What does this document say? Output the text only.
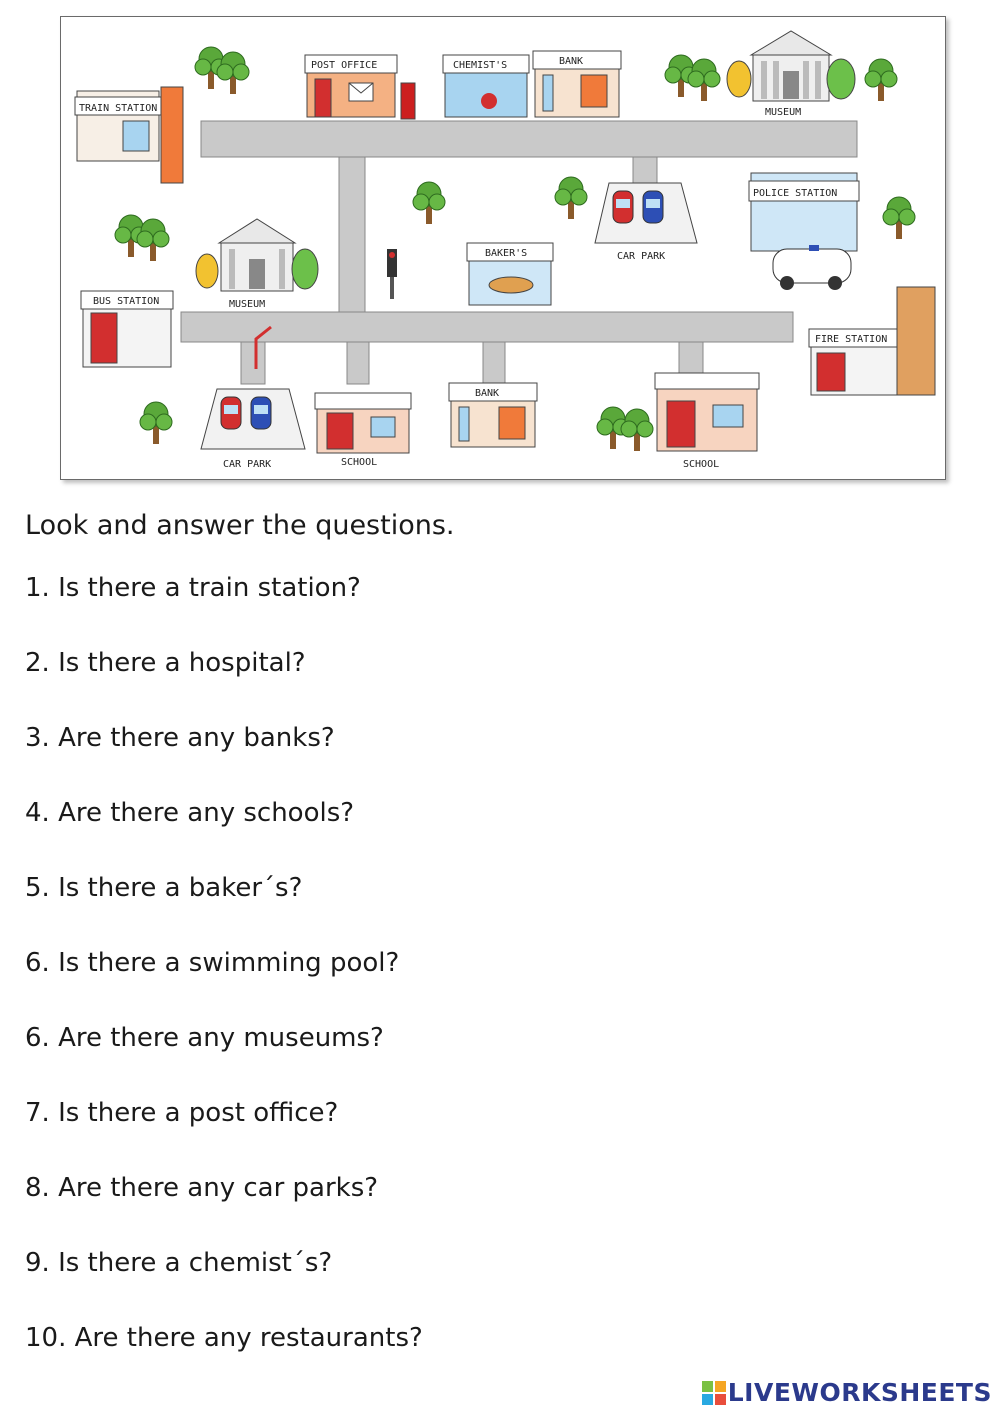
TRAIN STATION
POST OFFICE	CHEMIST'S	BANK
MUSEUM
CAR PARK
POLICE STATION
BAKER'S
MUSEUM
BUS STATION
FIRE STATION
CAR PARK	SCHOOL
BANK
SCHOOL
Look and answer the questions.
1. Is there a train station?
2. Is there a hospital?
3. Are there any banks?
4. Are there any schools?
5. Is there a baker´s?
6. Is there a swimming pool?
6. Are there any museums?
7. Is there a post office?
8. Are there any car parks?
9. Is there a chemist´s?
10. Are there any restaurants?
LIVEWORKSHEETS
